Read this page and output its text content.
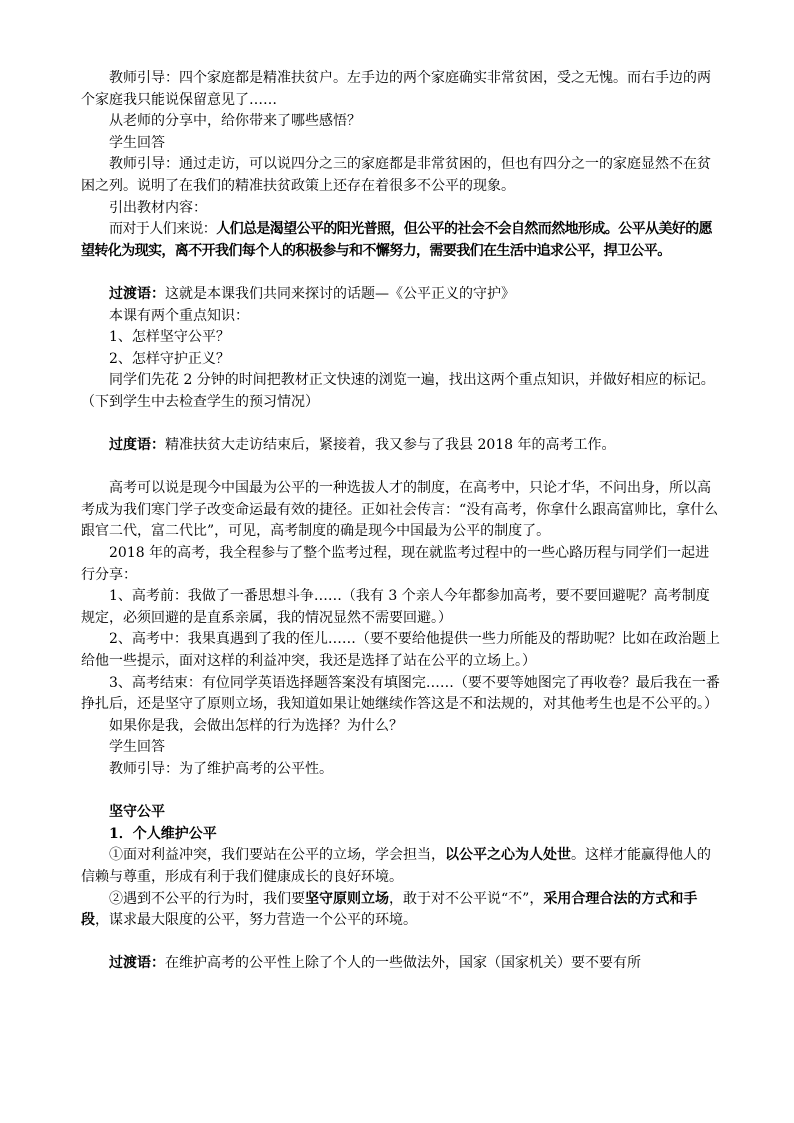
教师引导：四个家庭都是精准扶贫户。左手边的两个家庭确实非常贫困，受之无愧。而右手边的两个家庭我只能说保留意见了……

从老师的分享中，给你带来了哪些感悟？

学生回答

教师引导：通过走访，可以说四分之三的家庭都是非常贫困的，但也有四分之一的家庭显然不在贫困之列。说明了在我们的精准扶贫政策上还存在着很多不公平的现象。

引出教材内容：

而对于人们来说：人们总是渴望公平的阳光普照，但公平的社会不会自然而然地形成。公平从美好的愿望转化为现实，离不开我们每个人的积极参与和不懈努力，需要我们在生活中追求公平，捍卫公平。

过渡语：这就是本课我们共同来探讨的话题—《公平正义的守护》

本课有两个重点知识：

1、怎样坚守公平？

2、怎样守护正义？

同学们先花 2 分钟的时间把教材正文快速的浏览一遍，找出这两个重点知识，并做好相应的标记。（下到学生中去检查学生的预习情况）

过度语：精准扶贫大走访结束后，紧接着，我又参与了我县 2018 年的高考工作。

高考可以说是现今中国最为公平的一种选拔人才的制度，在高考中，只论才华，不问出身，所以高考成为我们寒门学子改变命运最有效的捷径。正如社会传言：“没有高考，你拿什么跟高富帅比，拿什么跟官二代，富二代比”，可见，高考制度的确是现今中国最为公平的制度了。

2018 年的高考，我全程参与了整个监考过程，现在就监考过程中的一些心路历程与同学们一起进行分享：

1、高考前：我做了一番思想斗争……（我有 3 个亲人今年都参加高考，要不要回避呢？高考制度规定，必须回避的是直系亲属，我的情况显然不需要回避。）

2、高考中：我果真遇到了我的侄儿……（要不要给他提供一些力所能及的帮助呢？比如在政治题上给他一些提示，面对这样的利益冲突，我还是选择了站在公平的立场上。）

3、高考结束：有位同学英语选择题答案没有填图完……（要不要等她图完了再收卷？最后我在一番挣扎后，还是坚守了原则立场，我知道如果让她继续作答这是不和法规的，对其他考生也是不公平的。）

如果你是我，会做出怎样的行为选择？为什么？

学生回答

教师引导：为了维护高考的公平性。

坚守公平

1．个人维护公平

①面对利益冲突，我们要站在公平的立场，学会担当，以公平之心为人处世。这样才能赢得他人的信赖与尊重，形成有利于我们健康成长的良好环境。

②遇到不公平的行为时，我们要坚守原则立场，敢于对不公平说“不”，采用合理合法的方式和手段，谋求最大限度的公平，努力营造一个公平的环境。

过渡语：在维护高考的公平性上除了个人的一些做法外，国家（国家机关）要不要有所
